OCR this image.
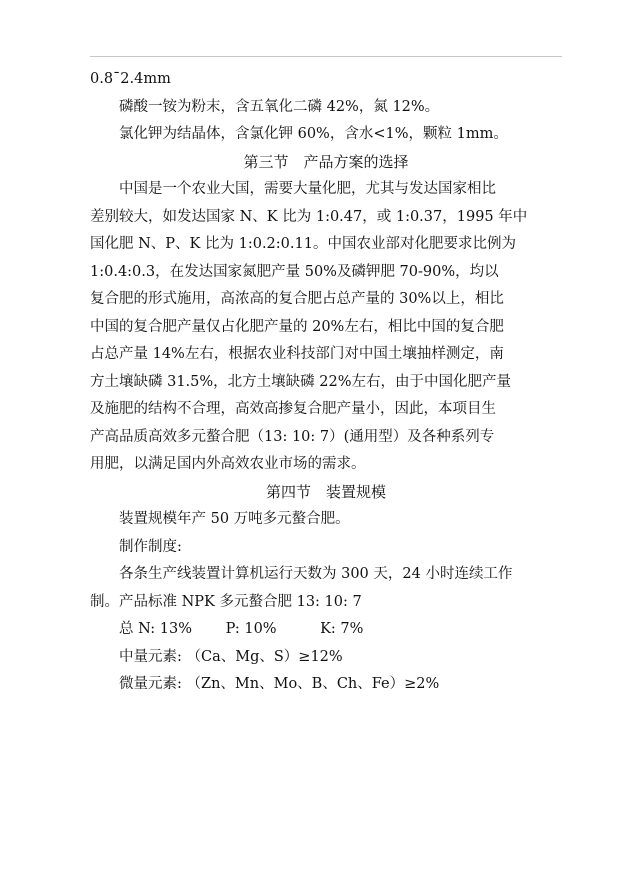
0.8¯2.4mm
磷酸一铵为粉末，含五氧化二磷 42%，氮 12%。
氯化钾为结晶体，含氯化钾 60%，含水<1%，颗粒 1mm。
第三节　产品方案的选择
中国是一个农业大国，需要大量化肥，尤其与发达国家相比
差别较大，如发达国家 N、K 比为 1:0.47，或 1:0.37，1995 年中
国化肥 N、P、K 比为 1:0.2:0.11。中国农业部对化肥要求比例为
1:0.4:0.3，在发达国家氮肥产量 50%及磷钾肥 70-90%，均以
复合肥的形式施用，高浓高的复合肥占总产量的 30%以上，相比
中国的复合肥产量仅占化肥产量的 20%左右，相比中国的复合肥
占总产量 14%左右，根据农业科技部门对中国土壤抽样测定，南
方土壤缺磷 31.5%，北方土壤缺磷 22%左右，由于中国化肥产量
及施肥的结构不合理，高效高掺复合肥产量小，因此，本项目生
产高品质高效多元螯合肥（13: 10: 7）(通用型）及各种系列专
用肥，以满足国内外高效农业市场的需求。
第四节　装置规模
装置规模年产 50 万吨多元螯合肥。
制作制度:
各条生产线装置计算机运行天数为 300 天，24 小时连续工作
制。产品标准 NPK 多元螯合肥 13: 10: 7
总 N: 13%　　 P: 10%　　　K: 7%
中量元素: （Ca、Mg、S）≥12%
微量元素: （Zn、Mn、Mo、B、Ch、Fe）≥2%
